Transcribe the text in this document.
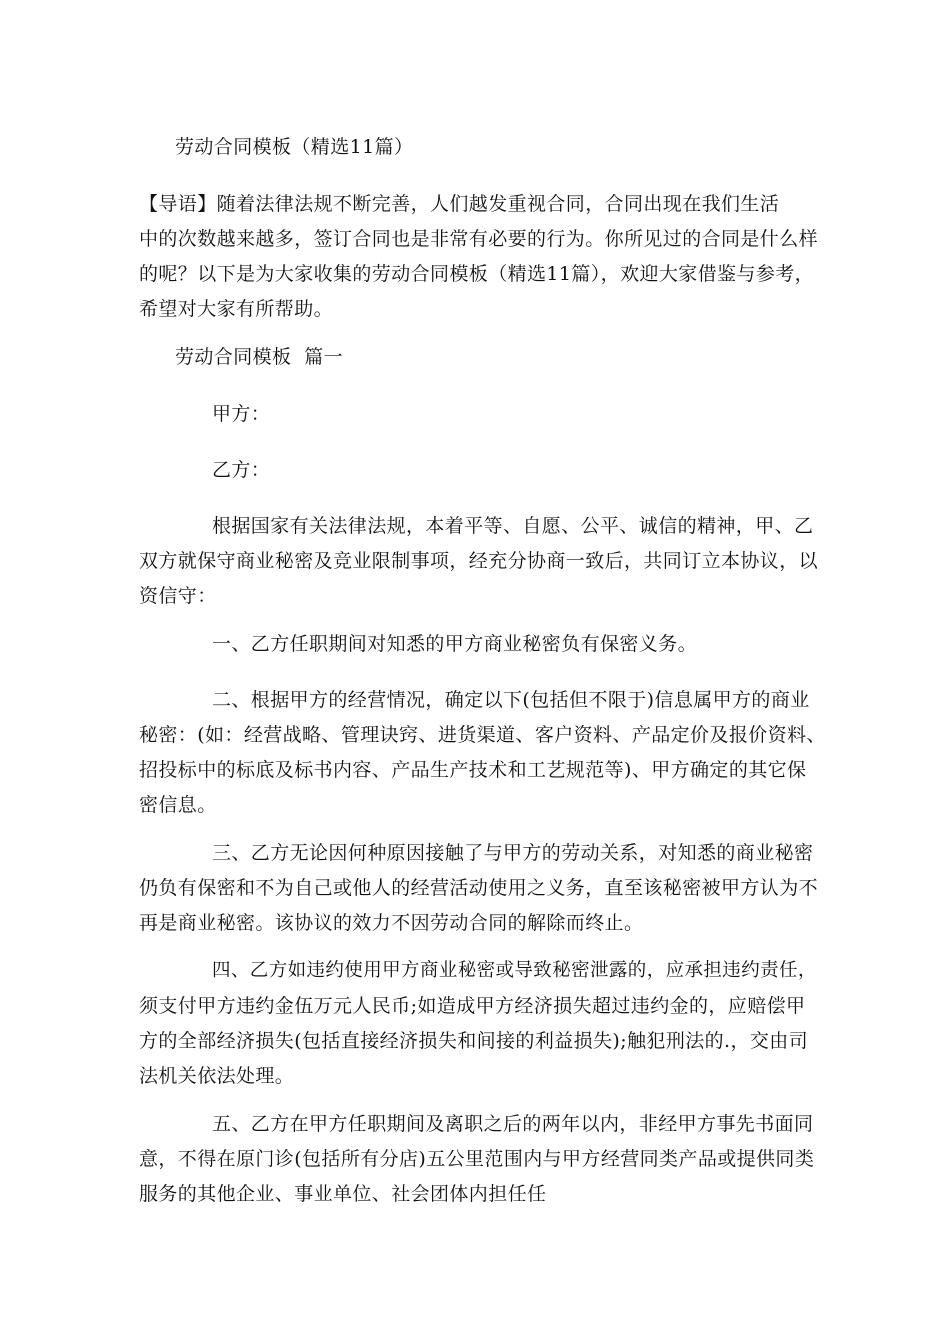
劳动合同模板（精选11篇）
【导语】随着法律法规不断完善，人们越发重视合同，合同出现在我们生活
中的次数越来越多，签订合同也是非常有必要的行为。你所见过的合同是什么样
的呢？以下是为大家收集的劳动合同模板（精选11篇），欢迎大家借鉴与参考，
希望对大家有所帮助。
劳动合同模板  篇一
甲方：
乙方：
根据国家有关法律法规，本着平等、自愿、公平、诚信的精神，甲、乙
双方就保守商业秘密及竞业限制事项，经充分协商一致后，共同订立本协议，以
资信守：
一、乙方任职期间对知悉的甲方商业秘密负有保密义务。
二、根据甲方的经营情况，确定以下(包括但不限于)信息属甲方的商业
秘密：(如：经营战略、管理诀窍、进货渠道、客户资料、产品定价及报价资料、
招投标中的标底及标书内容、产品生产技术和工艺规范等)、甲方确定的其它保
密信息。
三、乙方无论因何种原因接触了与甲方的劳动关系，对知悉的商业秘密
仍负有保密和不为自己或他人的经营活动使用之义务，直至该秘密被甲方认为不
再是商业秘密。该协议的效力不因劳动合同的解除而终止。
四、乙方如违约使用甲方商业秘密或导致秘密泄露的，应承担违约责任，
须支付甲方违约金伍万元人民币;如造成甲方经济损失超过违约金的，应赔偿甲
方的全部经济损失(包括直接经济损失和间接的利益损失);触犯刑法的.，交由司
法机关依法处理。
五、乙方在甲方任职期间及离职之后的两年以内，非经甲方事先书面同
意，不得在原门诊(包括所有分店)五公里范围内与甲方经营同类产品或提供同类
服务的其他企业、事业单位、社会团体内担任任
